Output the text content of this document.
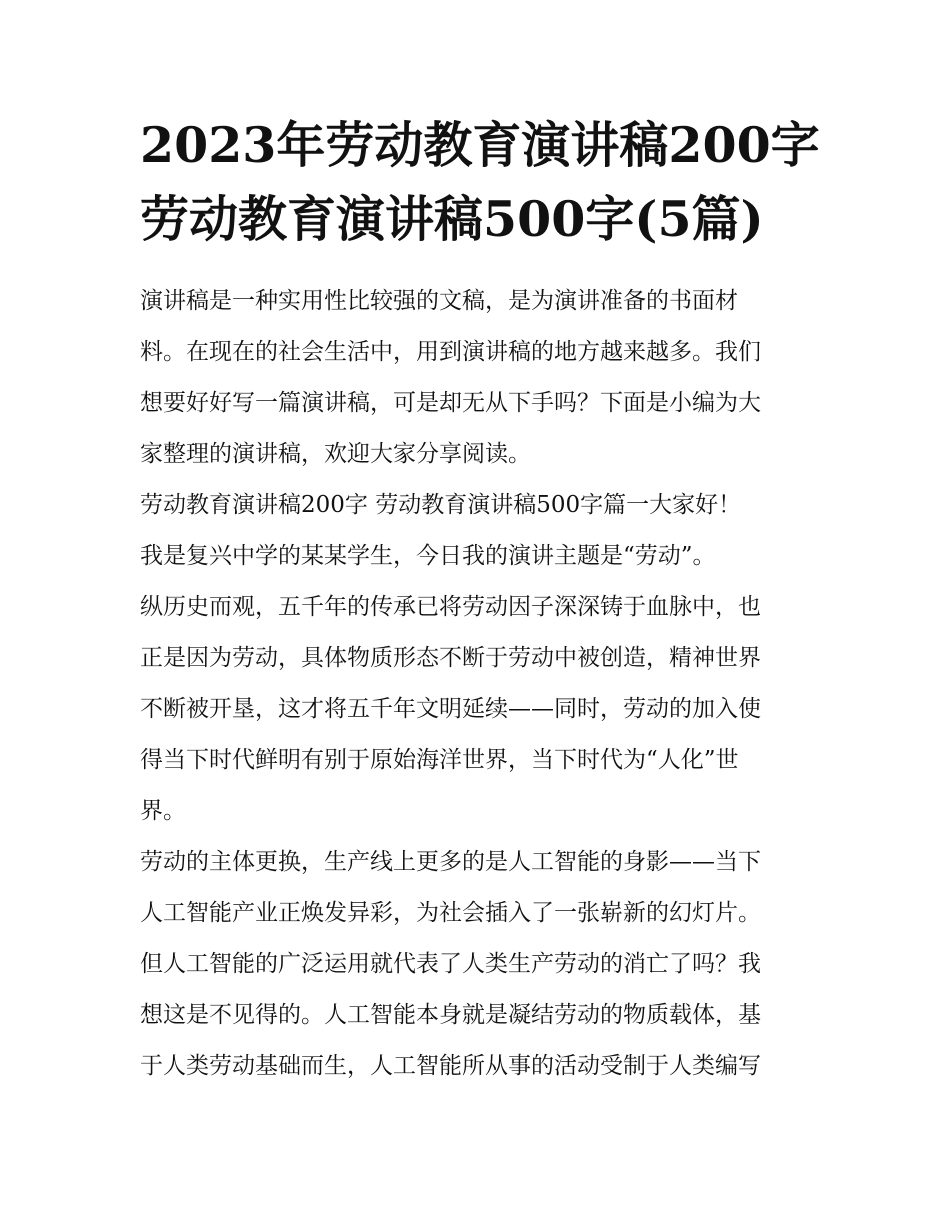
2023年劳动教育演讲稿200字
劳动教育演讲稿500字(5篇)

演讲稿是一种实用性比较强的文稿，是为演讲准备的书面材
料。在现在的社会生活中，用到演讲稿的地方越来越多。我们
想要好好写一篇演讲稿，可是却无从下手吗？下面是小编为大
家整理的演讲稿，欢迎大家分享阅读。

劳动教育演讲稿200字 劳动教育演讲稿500字篇一大家好！

我是复兴中学的某某学生，今日我的演讲主题是“劳动”。

纵历史而观，五千年的传承已将劳动因子深深铸于血脉中，也
正是因为劳动，具体物质形态不断于劳动中被创造，精神世界
不断被开垦，这才将五千年文明延续——同时，劳动的加入使
得当下时代鲜明有别于原始海洋世界，当下时代为“人化”世
界。

劳动的主体更换，生产线上更多的是人工智能的身影——当下
人工智能产业正焕发异彩，为社会插入了一张崭新的幻灯片。
但人工智能的广泛运用就代表了人类生产劳动的消亡了吗？我
想这是不见得的。人工智能本身就是凝结劳动的物质载体，基
于人类劳动基础而生，人工智能所从事的活动受制于人类编写
